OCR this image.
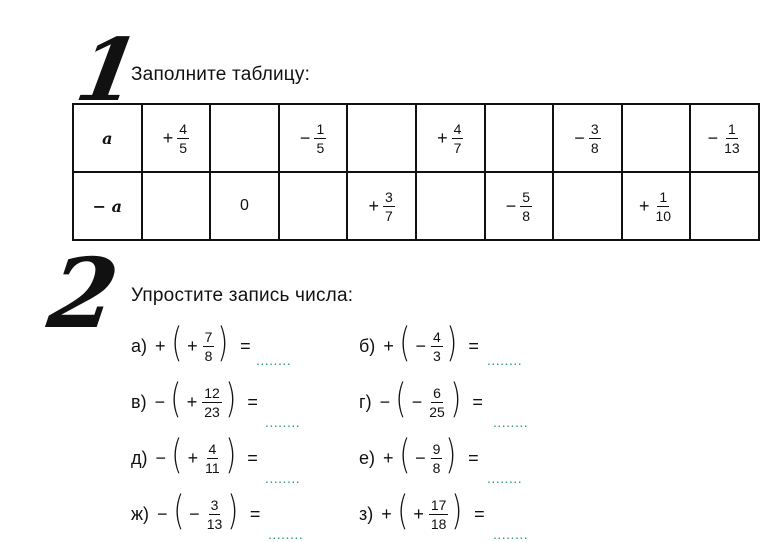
1
Заполните таблицу:
a	+ $\frac{4}{5}$		− $\frac{1}{5}$		+ $\frac{4}{7}$		− $\frac{3}{8}$		− $\frac{1}{13}$

− a		0		+ $\frac{3}{7}$		− $\frac{5}{8}$		+ $\frac{1}{10}$

2 Упростите запись числа:
а) + ( + $\frac{7}{8}$ ) =
........
б) + ( − $\frac{4}{3}$ ) =
........
в) − ( + $\frac{12}{23}$ ) =
........
г) − ( − $\frac{6}{25}$ ) =
........
д) − ( + $\frac{4}{11}$ ) =
........
е) + ( − $\frac{9}{8}$ ) =
........
ж) − ( − $\frac{3}{13}$ ) =
........
з) + ( + $\frac{17}{18}$ ) =
........
